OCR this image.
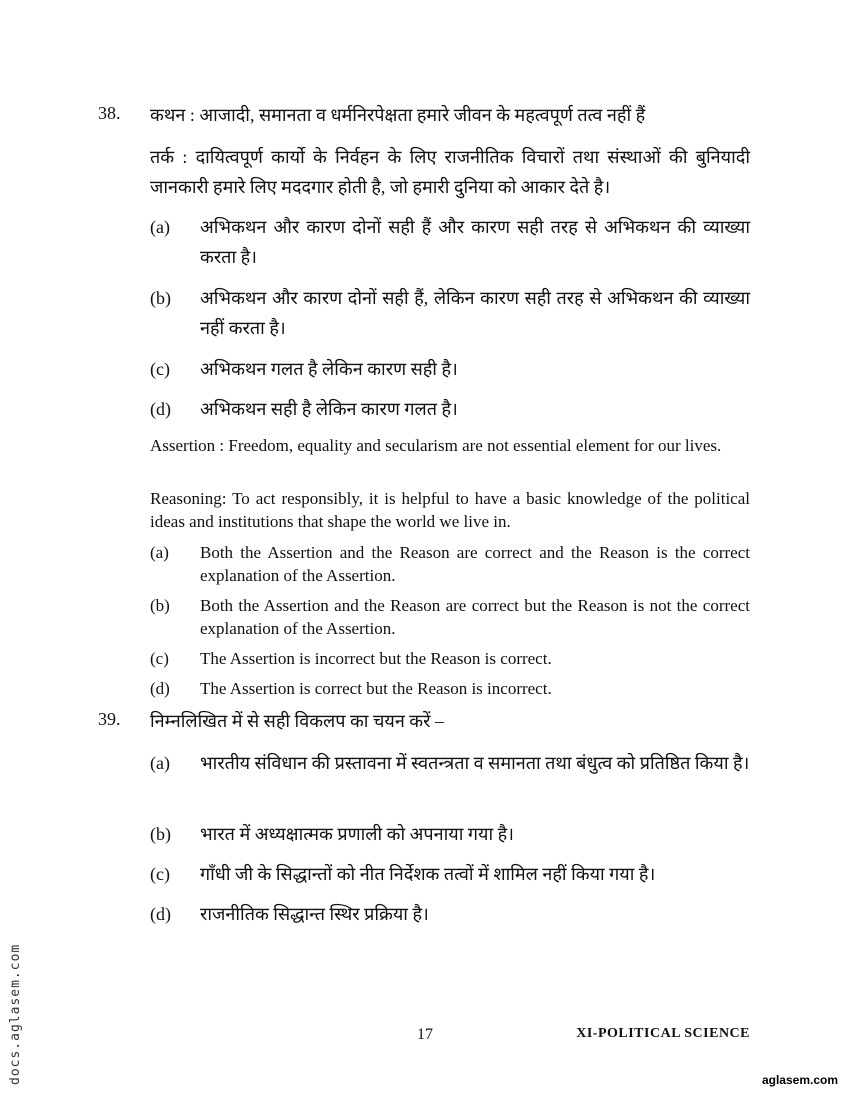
38. कथन : आजादी, समानता व धर्मनिरपेक्षता हमारे जीवन के महत्वपूर्ण तत्व नहीं हैं
तर्क : दायित्वपूर्ण कार्यो के निर्वहन के लिए राजनीतिक विचारों तथा संस्थाओं की बुनियादी जानकारी हमारे लिए मददगार होती है, जो हमारी दुनिया को आकार देते है।
(a) अभिकथन और कारण दोनों सही हैं और कारण सही तरह से अभिकथन की व्याख्या करता है।
(b) अभिकथन और कारण दोनों सही हैं, लेकिन कारण सही तरह से अभिकथन की व्याख्या नहीं करता है।
(c) अभिकथन गलत है लेकिन कारण सही है।
(d) अभिकथन सही है लेकिन कारण गलत है।
Assertion : Freedom, equality and secularism are not essential element for our lives.
Reasoning: To act responsibly, it is helpful to have a basic knowledge of the political ideas and institutions that shape the world we live in.
(a) Both the Assertion and the Reason are correct and the Reason is the correct explanation of the Assertion.
(b) Both the Assertion and the Reason are correct but the Reason is not the correct explanation of the Assertion.
(c) The Assertion is incorrect but the Reason is correct.
(d) The Assertion is correct but the Reason is incorrect.
39. निम्नलिखित में से सही विकलप का चयन करें –
(a) भारतीय संविधान की प्रस्तावना में स्वतन्त्रता व समानता तथा बंधुत्व को प्रतिष्ठित किया है।
(b) भारत में अध्यक्षात्मक प्रणाली को अपनाया गया है।
(c) गाँधी जी के सिद्धान्तों को नीत निर्देशक तत्वों में शामिल नहीं किया गया है।
(d) राजनीतिक सिद्धान्त स्थिर प्रक्रिया है।
17	XI-POLITICAL SCIENCE
docs.aglasem.com	aglasem.com
